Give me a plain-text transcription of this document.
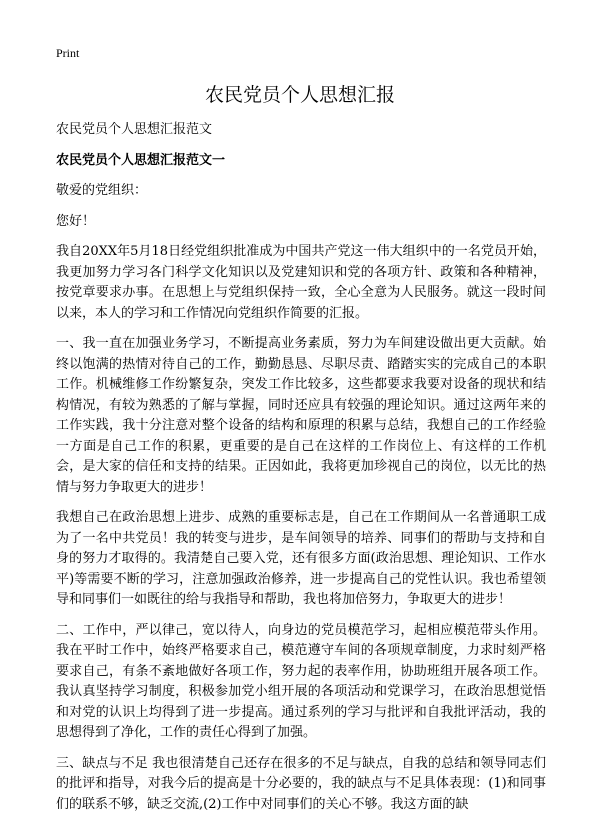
Print
农民党员个人思想汇报

农民党员个人思想汇报范文

农民党员个人思想汇报范文一

敬爱的党组织：

您好！

我自20XX年5月18日经党组织批准成为中国共产党这一伟大组织中的一名党员开始，我更加努力学习各门科学文化知识以及党建知识和党的各项方针、政策和各种精神，按党章要求办事。在思想上与党组织保持一致，全心全意为人民服务。就这一段时间以来，本人的学习和工作情况向党组织作简要的汇报。

一、我一直在加强业务学习，不断提高业务素质，努力为车间建设做出更大贡献。始终以饱满的热情对待自己的工作，勤勤恳恳、尽职尽责、踏踏实实的完成自己的本职工作。机械维修工作纷繁复杂，突发工作比较多，这些都要求我要对设备的现状和结构情况，有较为熟悉的了解与掌握，同时还应具有较强的理论知识。通过这两年来的工作实践，我十分注意对整个设备的结构和原理的积累与总结，我想自己的工作经验一方面是自己工作的积累，更重要的是自己在这样的工作岗位上、有这样的工作机会，是大家的信任和支持的结果。正因如此，我将更加珍视自己的岗位，以无比的热情与努力争取更大的进步！

我想自己在政治思想上进步、成熟的重要标志是，自己在工作期间从一名普通职工成为了一名中共党员！我的转变与进步，是车间领导的培养、同事们的帮助与支持和自身的努力才取得的。我清楚自己要入党，还有很多方面(政治思想、理论知识、工作水平)等需要不断的学习，注意加强政治修养，进一步提高自己的党性认识。我也希望领导和同事们一如既往的给与我指导和帮助，我也将加倍努力，争取更大的进步！

二、工作中，严以律己，宽以待人，向身边的党员模范学习，起相应模范带头作用。我在平时工作中，始终严格要求自己，模范遵守车间的各项规章制度，力求时刻严格要求自己，有条不紊地做好各项工作，努力起的表率作用，协助班组开展各项工作。我认真坚持学习制度，积极参加党小组开展的各项活动和党课学习，在政治思想觉悟和对党的认识上均得到了进一步提高。通过系列的学习与批评和自我批评活动，我的思想得到了净化，工作的责任心得到了加强。

三、缺点与不足 我也很清楚自己还存在很多的不足与缺点，自我的总结和领导同志们的批评和指导，对我今后的提高是十分必要的，我的缺点与不足具体表现：(1)和同事们的联系不够，缺乏交流,(2)工作中对同事们的关心不够。我这方面的缺
